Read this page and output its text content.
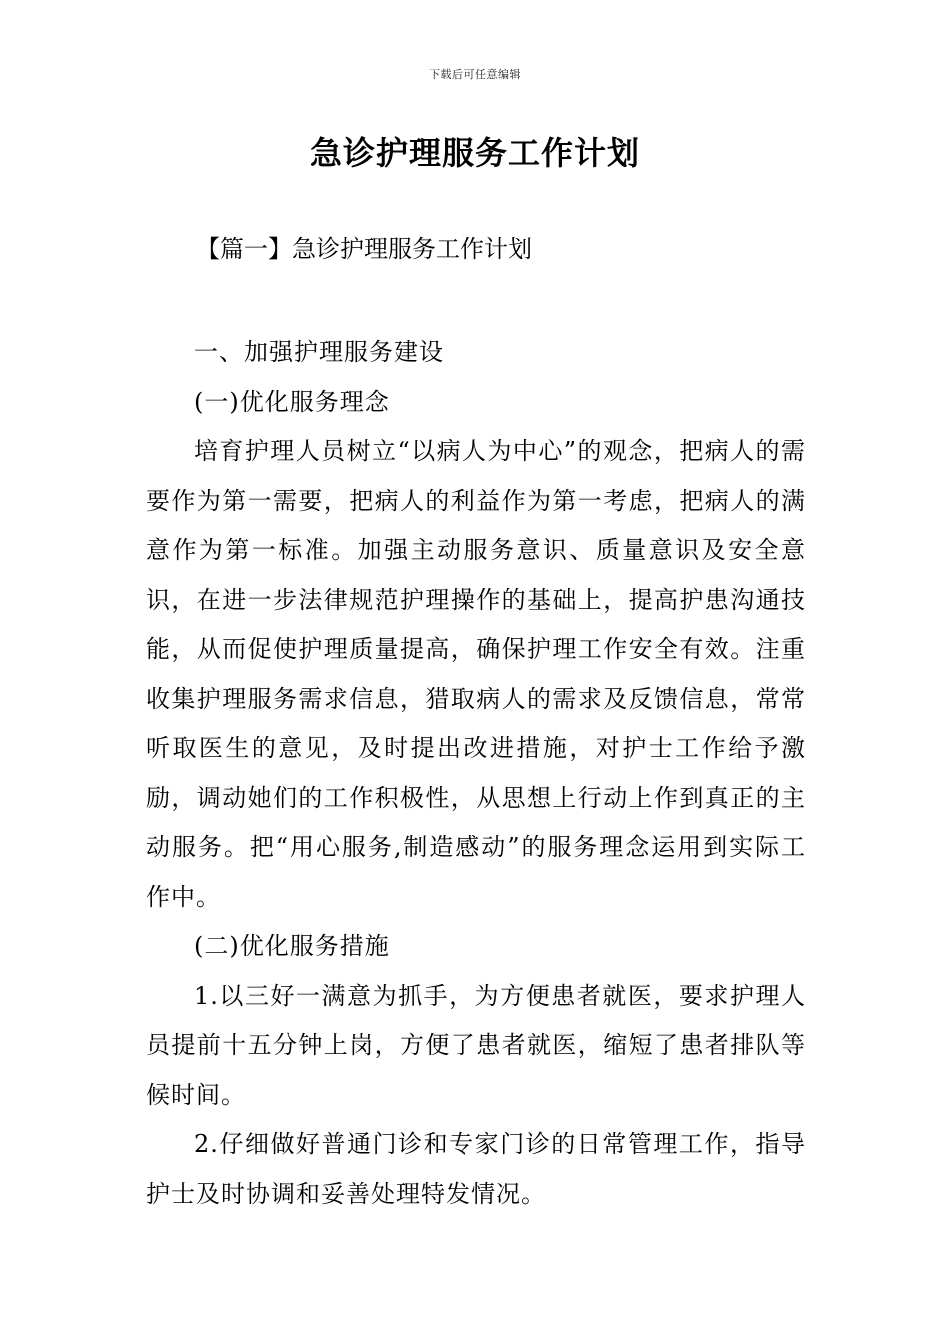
下载后可任意编辑
急诊护理服务工作计划
【篇一】急诊护理服务工作计划

一、加强护理服务建设

(一)优化服务理念

培育护理人员树立“以病人为中心”的观念，把病人的需要作为第一需要，把病人的利益作为第一考虑，把病人的满意作为第一标准。加强主动服务意识、质量意识及安全意识，在进一步法律规范护理操作的基础上，提高护患沟通技能，从而促使护理质量提高，确保护理工作安全有效。注重收集护理服务需求信息，猎取病人的需求及反馈信息，常常听取医生的意见，及时提出改进措施，对护士工作给予激励，调动她们的工作积极性，从思想上行动上作到真正的主动服务。把“用心服务,制造感动”的服务理念运用到实际工作中。

(二)优化服务措施

1.以三好一满意为抓手，为方便患者就医，要求护理人员提前十五分钟上岗，方便了患者就医，缩短了患者排队等候时间。

2.仔细做好普通门诊和专家门诊的日常管理工作，指导护士及时协调和妥善处理特发情况。
